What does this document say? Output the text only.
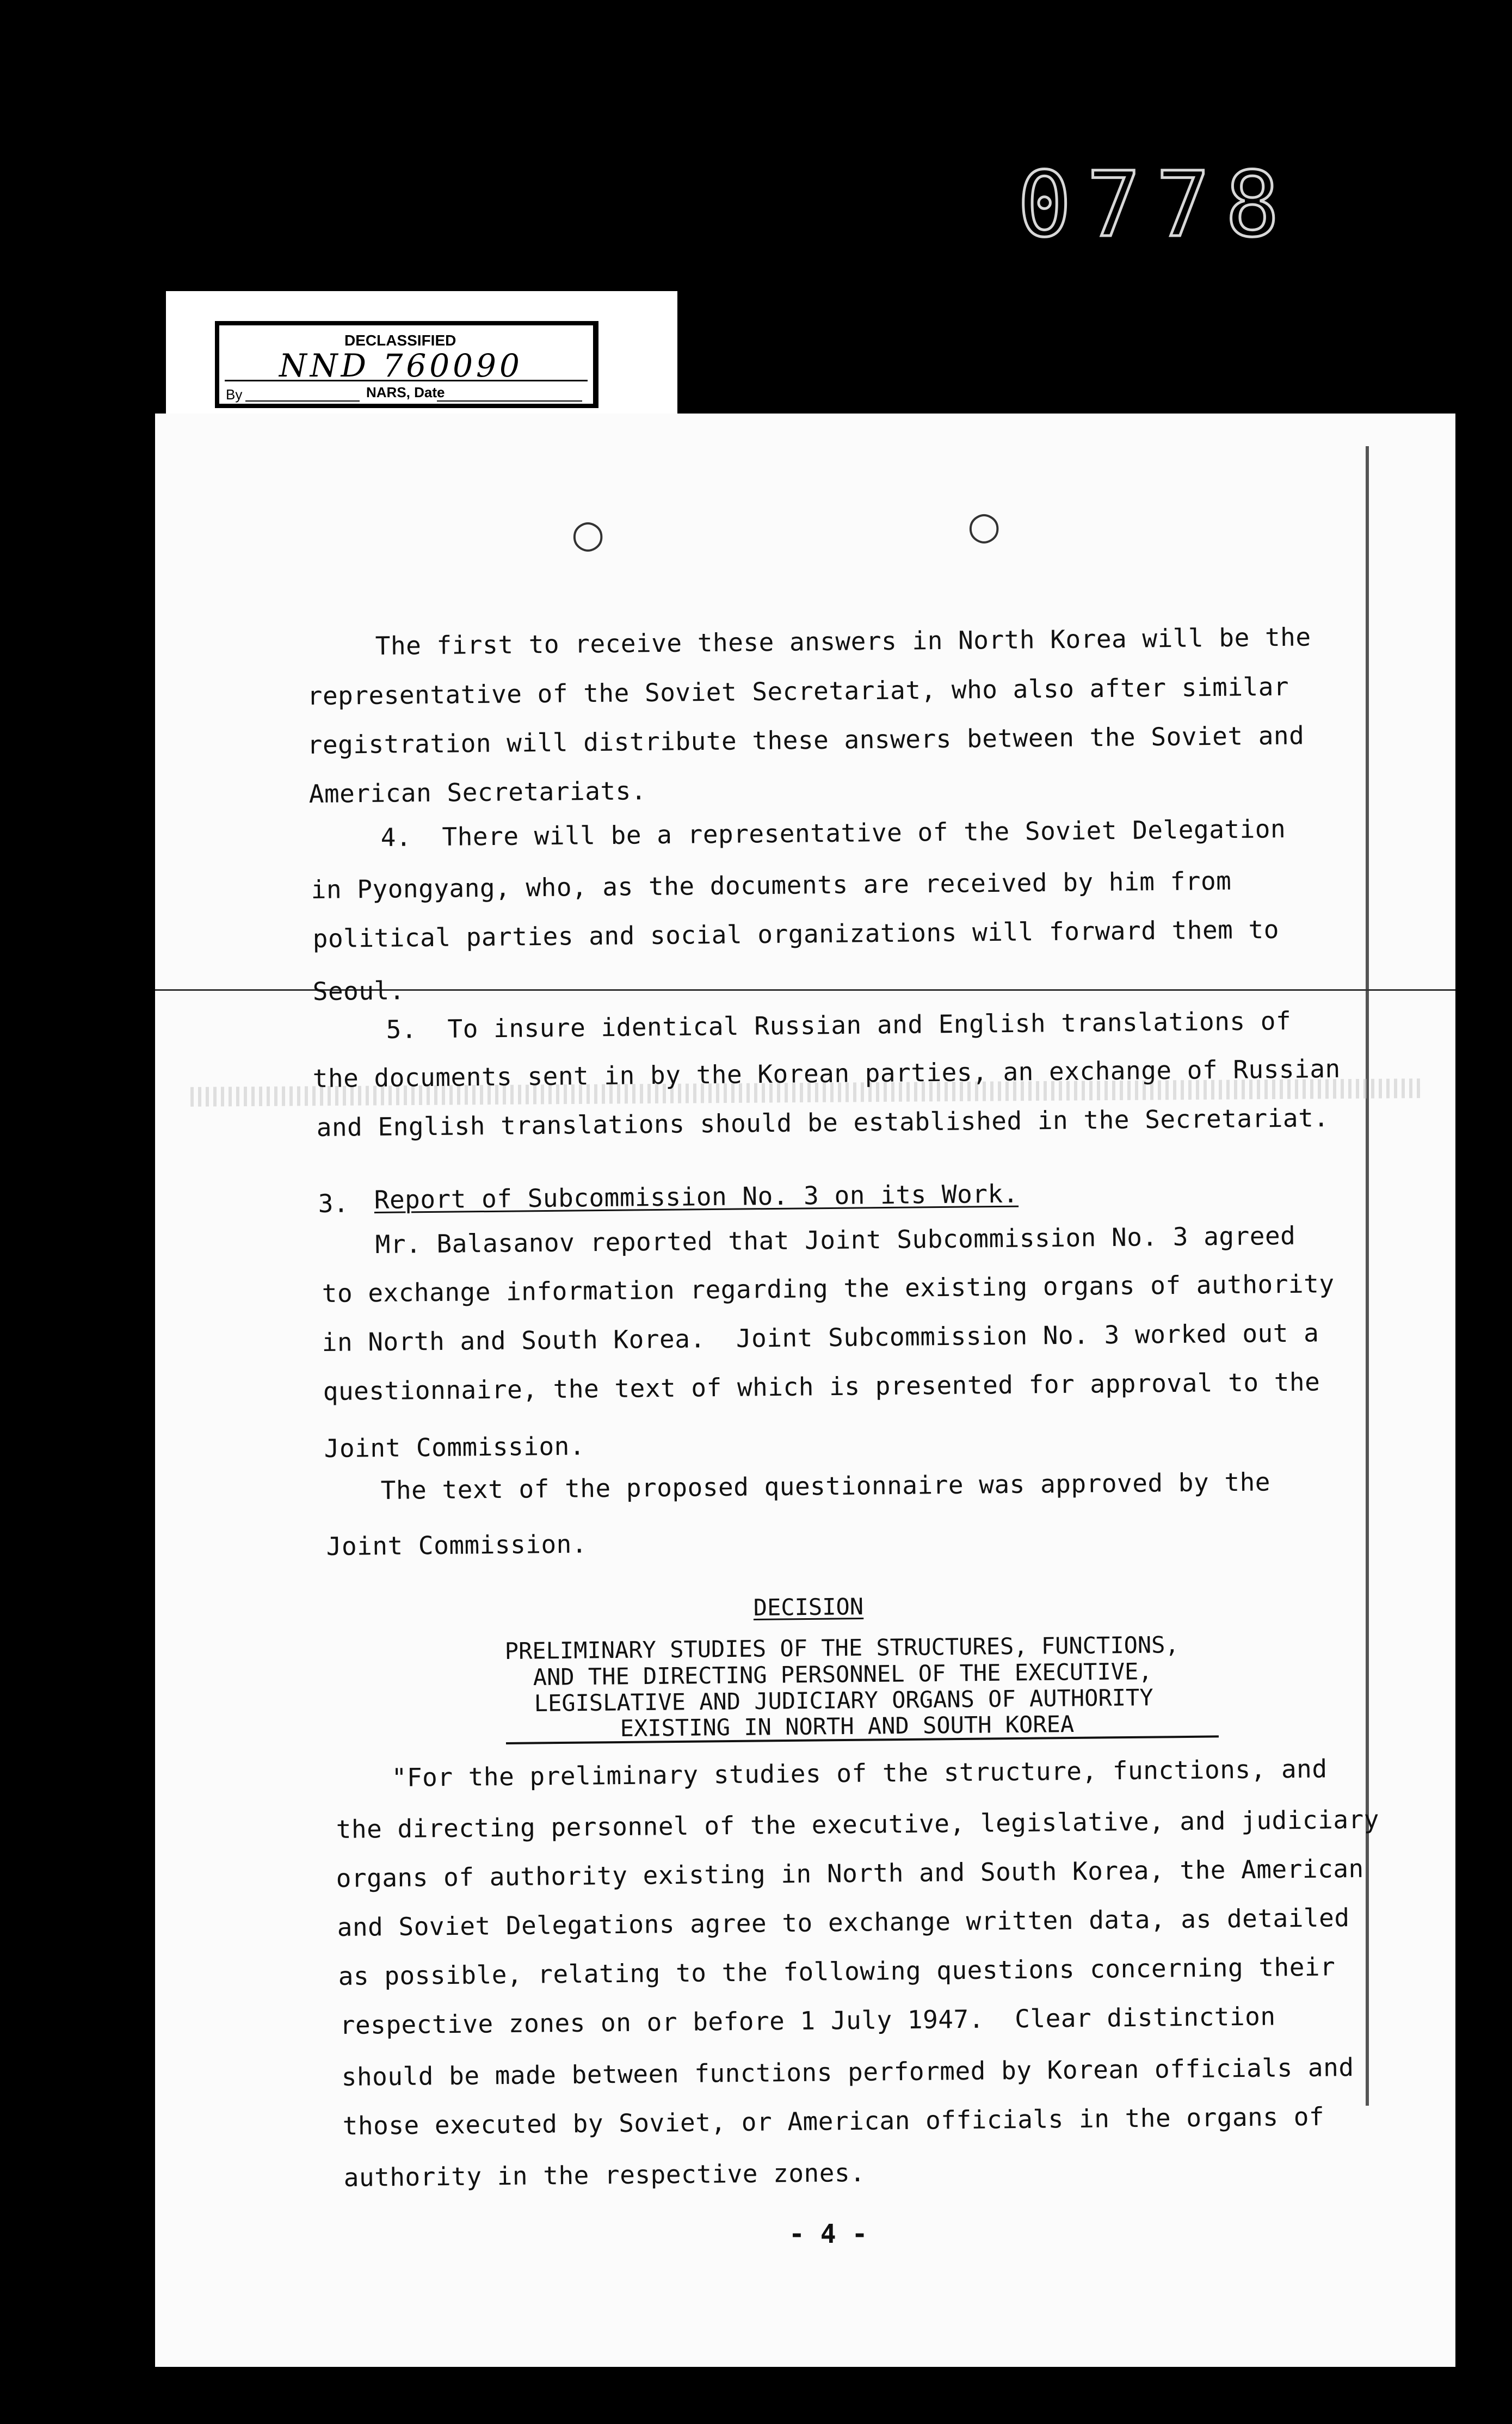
0778
DECLASSIFIED
NND 760090
By	NARS, Date
○	○
The first to receive these answers in North Korea will be the
representative of the Soviet Secretariat, who also after similar
registration will distribute these answers between the Soviet and
American Secretariats.
4.  There will be a representative of the Soviet Delegation
in Pyongyang, who, as the documents are received by him from
political parties and social organizations will forward them to
Seoul.
5.  To insure identical Russian and English translations of
the documents sent in by the Korean parties, an exchange of Russian
and English translations should be established in the Secretariat.
3. Report of Subcommission No. 3 on its Work.
Mr. Balasanov reported that Joint Subcommission No. 3 agreed
to exchange information regarding the existing organs of authority
in North and South Korea.  Joint Subcommission No. 3 worked out a
questionnaire, the text of which is presented for approval to the
Joint Commission.
The text of the proposed questionnaire was approved by the
Joint Commission.
DECISION
PRELIMINARY STUDIES OF THE STRUCTURES, FUNCTIONS,
AND THE DIRECTING PERSONNEL OF THE EXECUTIVE,
LEGISLATIVE AND JUDICIARY ORGANS OF AUTHORITY
EXISTING IN NORTH AND SOUTH KOREA
"For the preliminary studies of the structure, functions, and
the directing personnel of the executive, legislative, and judiciary
organs of authority existing in North and South Korea, the American
and Soviet Delegations agree to exchange written data, as detailed
as possible, relating to the following questions concerning their
respective zones on or before 1 July 1947.  Clear distinction
should be made between functions performed by Korean officials and
those executed by Soviet, or American officials in the organs of
authority in the respective zones.
- 4 -
